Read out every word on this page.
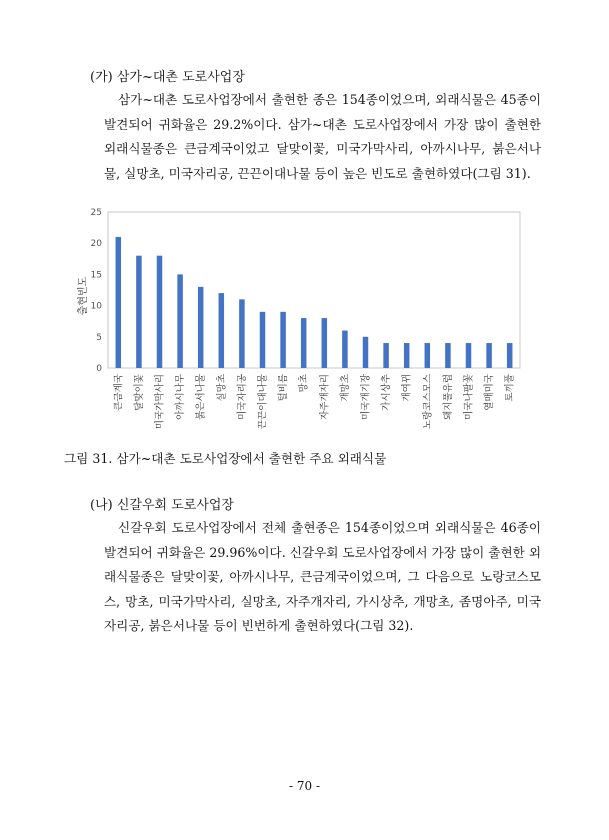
(가) 삼가~대촌 도로사업장

삼가~대촌 도로사업장에서 출현한 종은 154종이었으며, 외래식물은 45종이 발견되어 귀화율은 29.2%이다. 삼가~대촌 도로사업장에서 가장 많이 출현한 외래식물종은 큰금계국이었고 달맞이꽃, 미국가막사리, 아까시나무, 붉은서나물, 실망초, 미국자리공, 끈끈이대나물 등이 높은 빈도로 출현하였다(그림 31).

0
5
10
15
20
25
큰금계국 달맞이꽃 미국가막사리 아까시나무 붉은서나물 실망초 미국자리공 끈끈이대나물 털비름 망초 자주개자리 개망초 미국개기장 가시상추 개여뀌 노랑코스모스 돼지풀유럽 미국나팔꽃 열매미국 토끼풀
출현빈도
그림 31. 삼가~대촌 도로사업장에서 출현한 주요 외래식물
(나) 신갈우회 도로사업장

신갈우회 도로사업장에서 전체 출현종은 154종이었으며 외래식물은 46종이 발견되어 귀화율은 29.96%이다. 신갈우회 도로사업장에서 가장 많이 출현한 외래식물종은 달맞이꽃, 아까시나무, 큰금계국이었으며, 그 다음으로 노랑코스모스, 망초, 미국가막사리, 실망초, 자주개자리, 가시상추, 개망초, 좀명아주, 미국자리공, 붉은서나물 등이 빈번하게 출현하였다(그림 32).

- 70 -
